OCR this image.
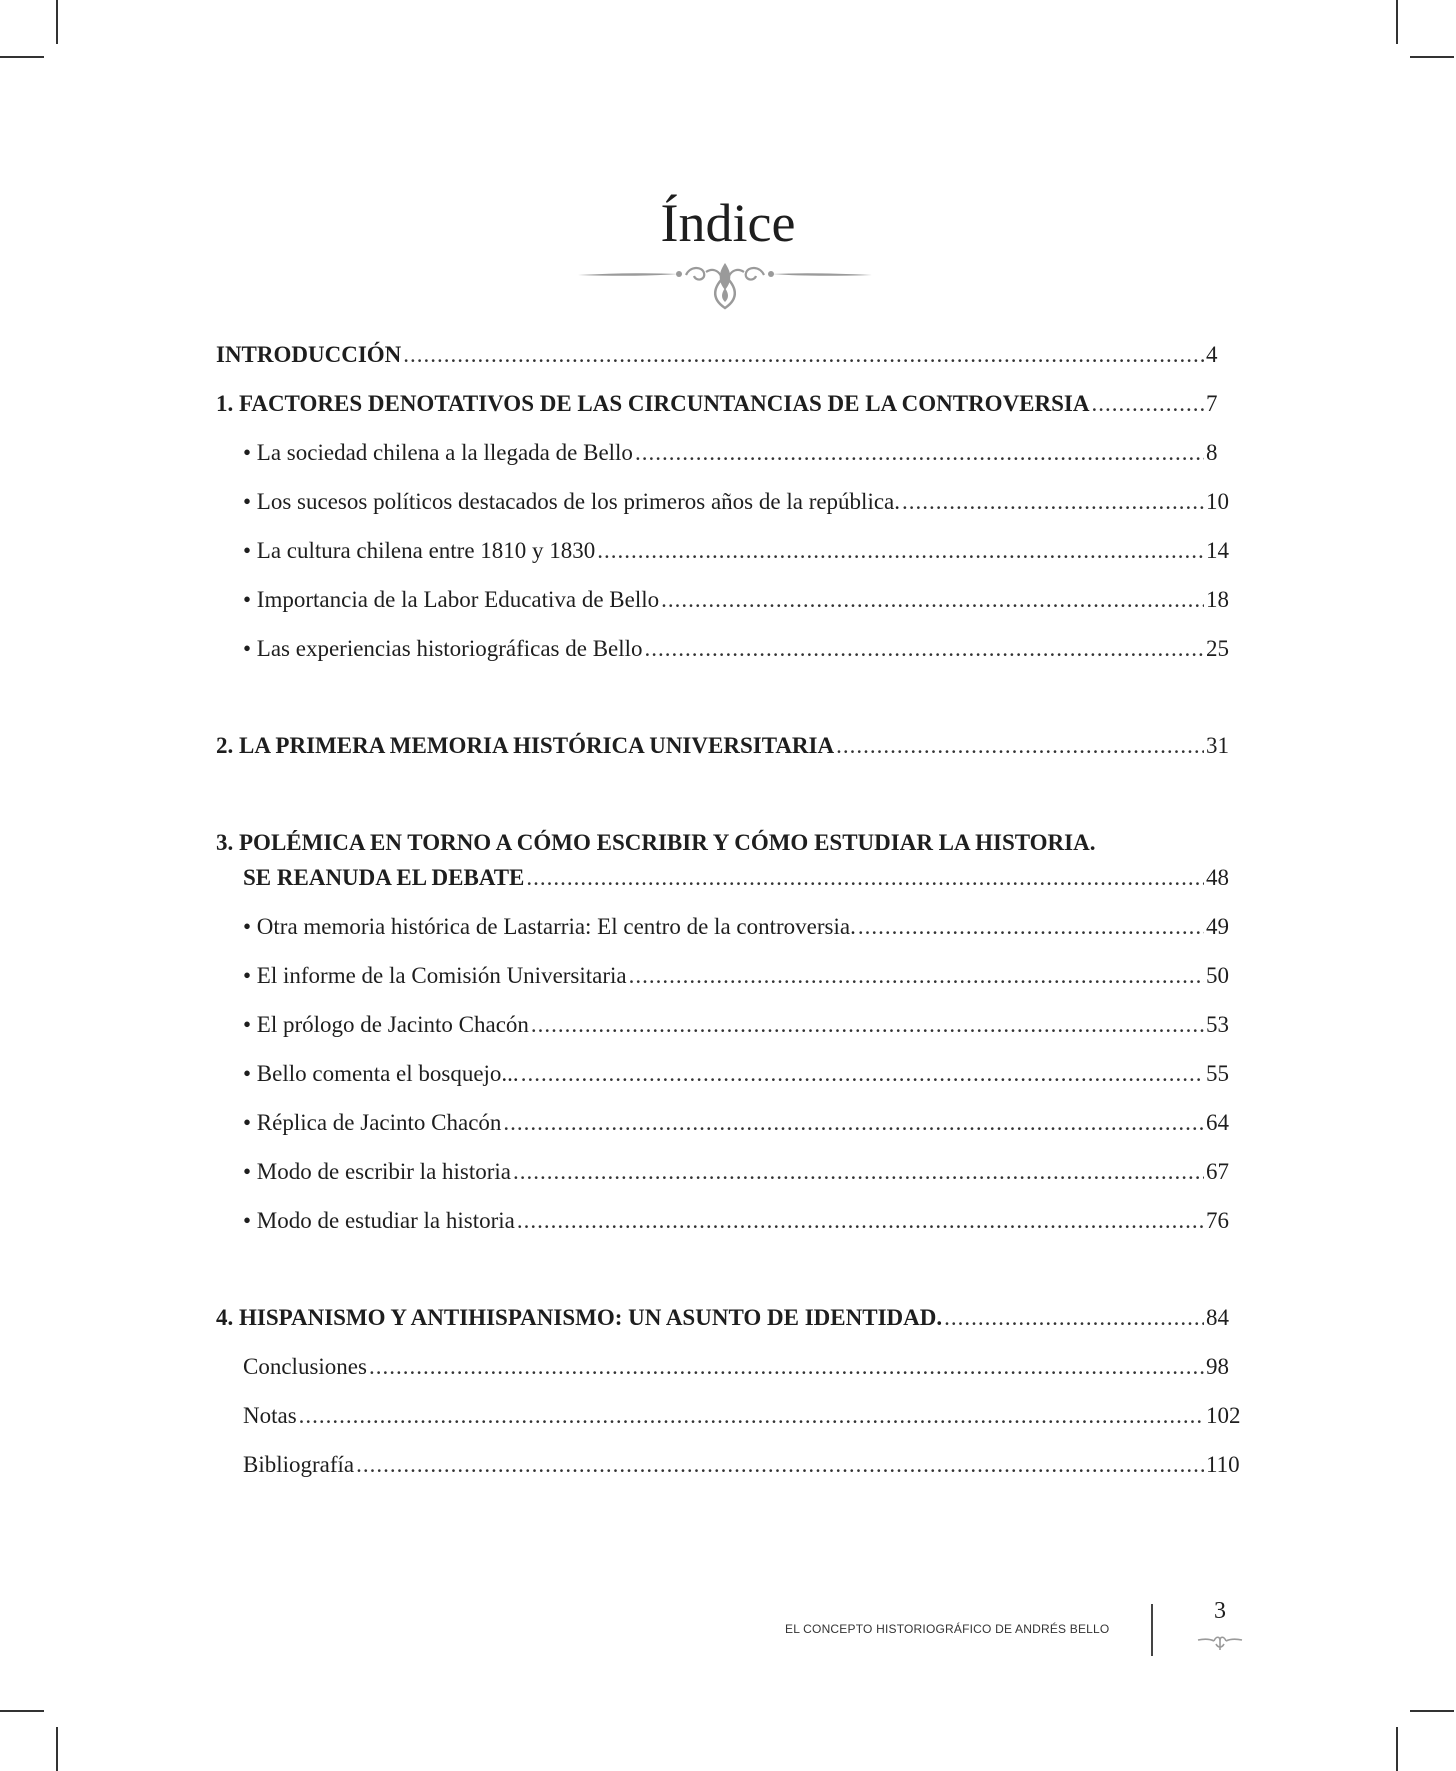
Índice
INTRODUCCIÓN .....	4
1. FACTORES DENOTATIVOS DE LAS CIRCUNTANCIAS DE LA CONTROVERSIA .....	7
• La sociedad chilena a la llegada de Bello .....	8
• Los sucesos políticos destacados de los primeros años de la república. .....	10
• La cultura chilena entre 1810 y 1830 .....	14
• Importancia de la Labor Educativa de Bello .....	18
• Las experiencias historiográficas de Bello .....	25
2. LA PRIMERA MEMORIA HISTÓRICA UNIVERSITARIA .....	31
3. POLÉMICA EN TORNO A CÓMO ESCRIBIR Y CÓMO ESTUDIAR LA HISTORIA.
SE REANUDA EL DEBATE .....	48
• Otra memoria histórica de Lastarria: El centro de la controversia. .....	49
• El informe de la Comisión Universitaria .....	50
• El prólogo de Jacinto Chacón .....	53
• Bello comenta el bosquejo... .....	55
• Réplica de Jacinto Chacón .....	64
• Modo de escribir la historia .....	67
• Modo de estudiar la historia .....	76
4. HISPANISMO Y ANTIHISPANISMO: UN ASUNTO DE IDENTIDAD. .....	84
Conclusiones .....	98
Notas .....	102
Bibliografía .....	110
EL CONCEPTO HISTORIOGRÁFICO DE ANDRÉS BELLO
3
